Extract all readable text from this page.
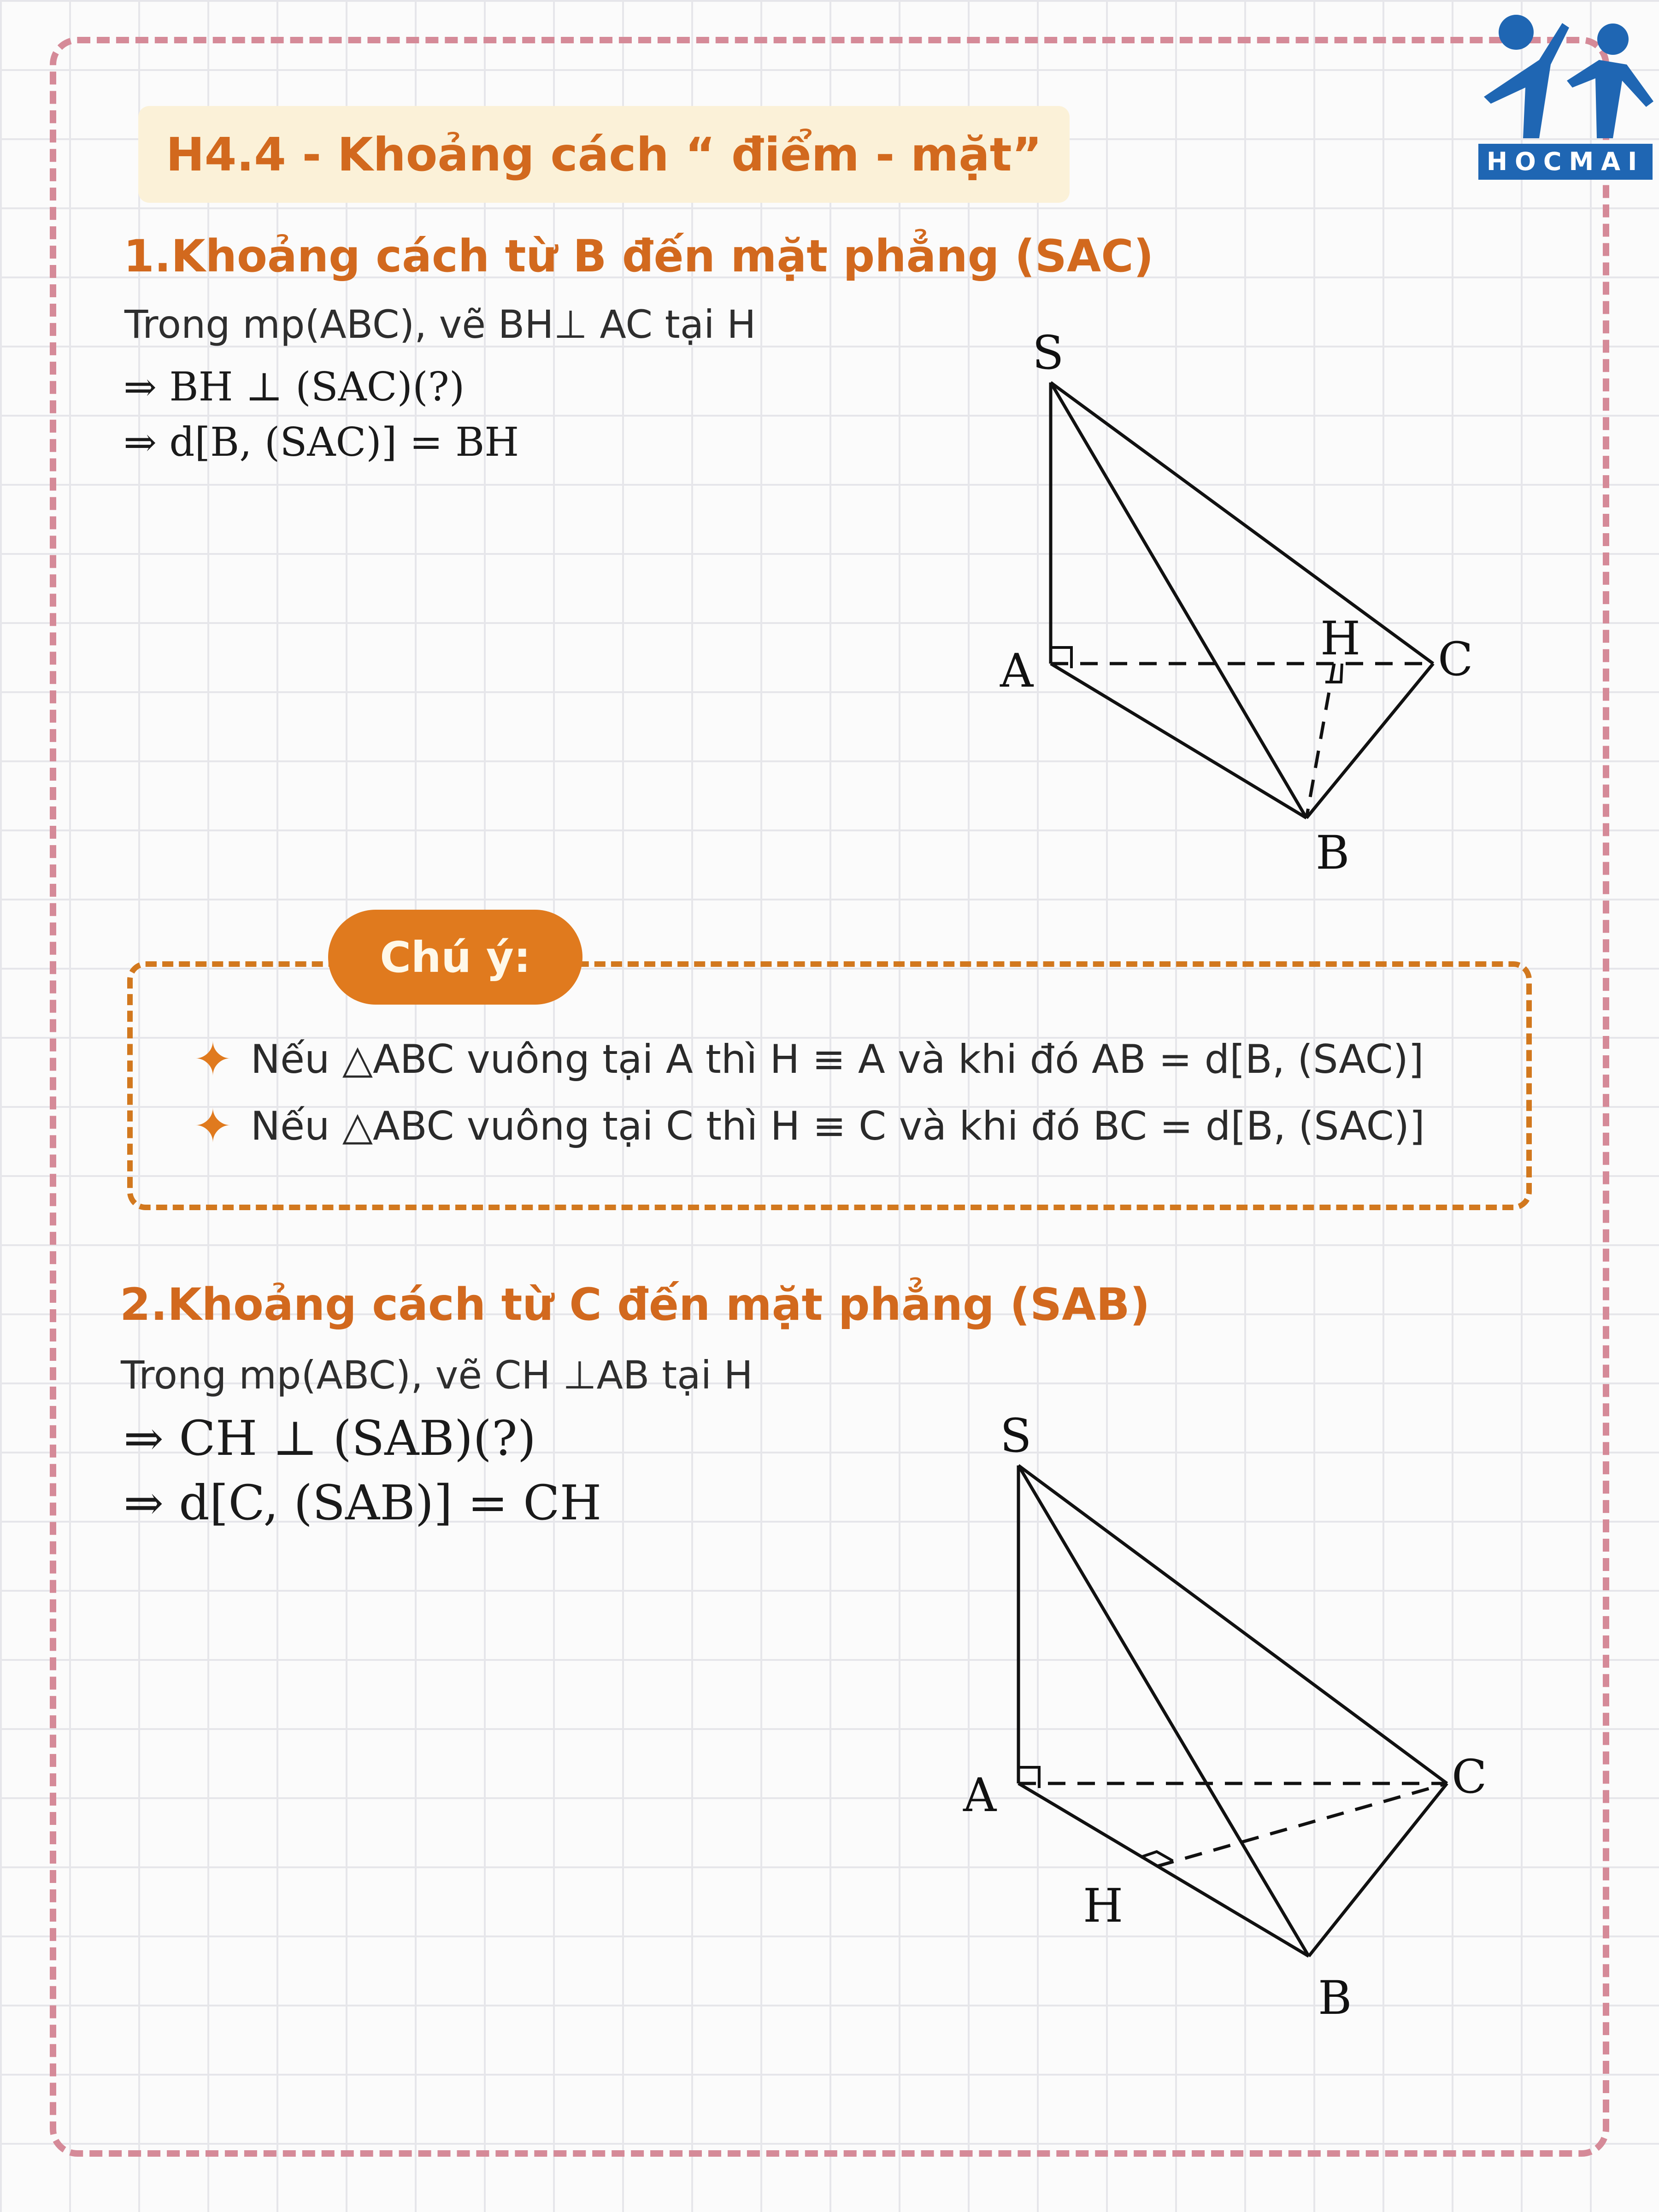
HOCMAI
H4.4 - Khoảng cách “ điểm - mặt”
1.Khoảng cách từ B đến mặt phẳng (SAC)
Trong mp(ABC), vẽ BH⊥ AC tại H
⇒ BH ⊥ (SAC)(?)
⇒ d[B, (SAC)] = BH
S
A
H C
B
Chú ý:
✦ Nếu △ABC vuông tại A thì H ≡ A và khi đó AB = d[B, (SAC)]
✦ Nếu △ABC vuông tại C thì H ≡ C và khi đó BC = d[B, (SAC)]
2.Khoảng cách từ C đến mặt phẳng (SAB)
Trong mp(ABC), vẽ CH ⊥AB tại H
⇒ CH ⊥ (SAB)(?)
⇒ d[C, (SAB)] = CH
S
A
H
C
B
